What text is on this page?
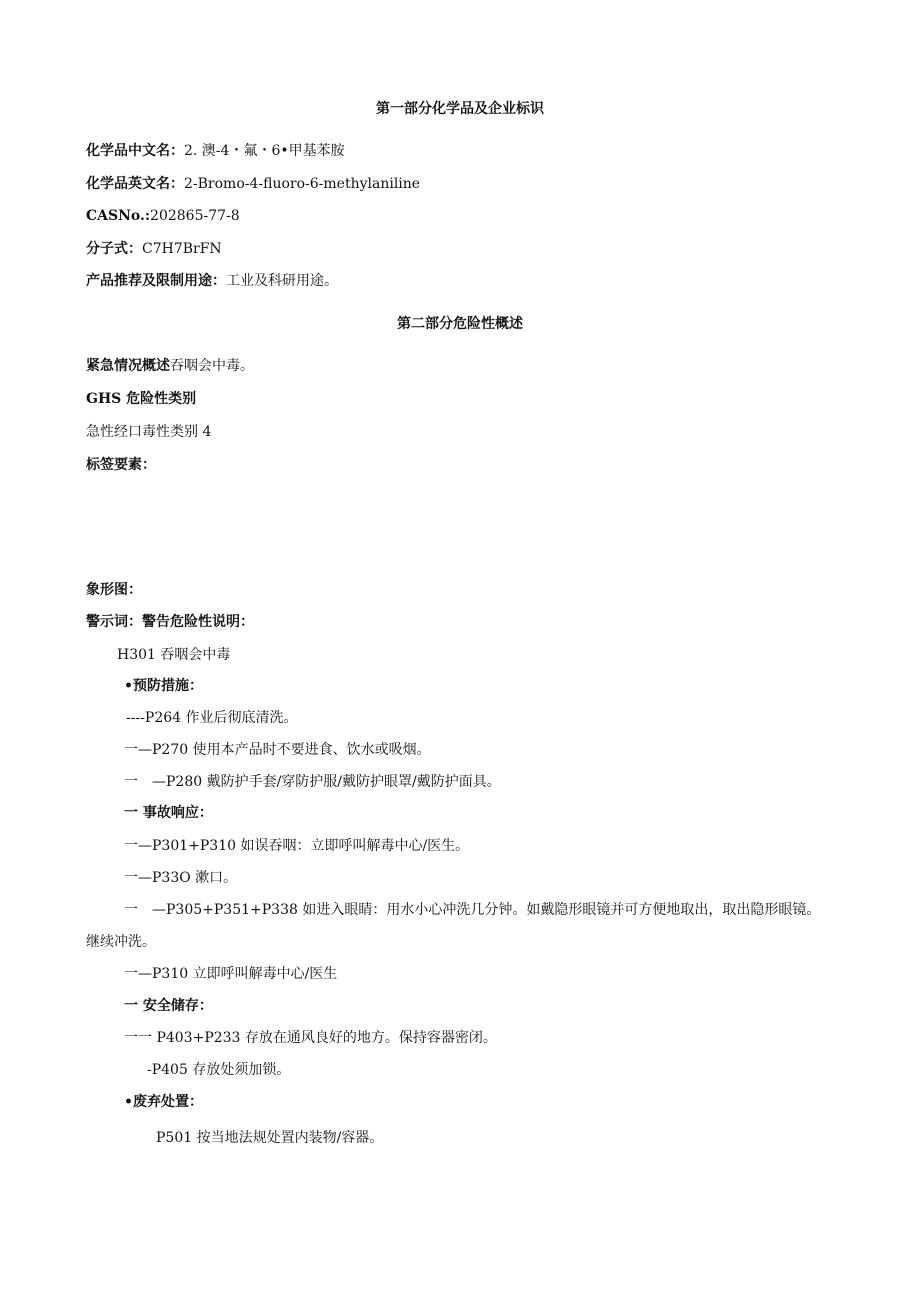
第一部分化学品及企业标识
化学品中文名：2. 澳-4・氟・6•甲基苯胺
化学品英文名：2-Bromo-4-fluoro-6-methylaniline
CASNo.:202865-77-8
分子式：C7H7BrFN
产品推荐及限制用途：工业及科研用途。
第二部分危险性概述
紧急情况概述吞咽会中毒。
GHS 危险性类别
急性经口毒性类别 4
标签要素：
象形图：
警示词：警告危险性说明：
H301 吞咽会中毒
•预防措施：
----P264 作业后彻底清洗。
一—P270 使用本产品时不要进食、饮水或吸烟。
一　—P280 戴防护手套/穿防护服/戴防护眼罩/戴防护面具。
一 事故响应：
一—P301+P310 如误吞咽：立即呼叫解毒中心/医生。
一—P33O 漱口。
一　—P305+P351+P338 如进入眼睛：用水小心冲洗几分钟。如戴隐形眼镜并可方便地取出，取出隐形眼镜。
继续冲洗。
一—P310 立即呼叫解毒中心/医生
一 安全储存：
一一 P403+P233 存放在通风良好的地方。保持容器密闭。
-P405 存放处须加锁。
•废弃处置：
P501 按当地法规处置内装物/容器。
